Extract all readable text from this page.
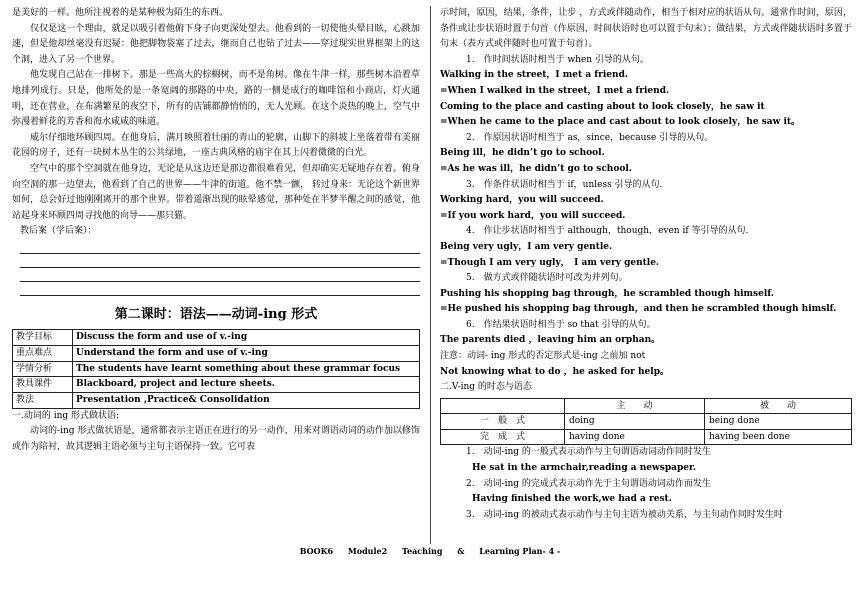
是美好的一样。他所注视着的是某种极为陌生的东西。

仅仅是这一个理由，就足以吸引着他俯下身子向更深处望去。他看到的一切使他头晕目眩，心跳加速，但是他却丝毫没有迟疑：他把脚物袋塞了过去，继而自己也钻了过去——穿过现实世界框架上的这个洞，进入了另一个世界。

他发现自己站在一排树下。那是一些高大的棕榈树，而不是角树。像在牛津一样，那些树木沿着草地排列成行。只是，他所处的是一条宽阔的那路的中央，路的一侧是成行的咖啡馆和小商店，灯火通明，还在营业，在布满繁星的夜空下，所有的店铺都静悄悄的，无人光顾。在这个炎热的晚上，空气中弥漫着鲜花的芳香和海水咸咸的味道。

威尔仔细地环顾四周。在他身后，满月映照着壮丽的青山的轮廓，山脚下的斜坡上坐落着带有美丽花园的房子，还有一块树木丛生的公共绿地，一座古典风格的庙宇在其上闪着微微的白光。

空气中的那个空洞就在他身边，无论是从这边还是那边都很难看见，但却确实无疑地存在着。俯身向空洞的那一边望去，他看到了自己的世界——牛津的街道。他不禁一颤， 转过身来：无论这个新世界如何，总会好过他刚刚离开的那个世界。带着遥渐出现的眩晕感觉，那种处在半梦半醒之间的感觉，他站起身来环顾四周寻找他的向导——那只猫。

教后案（学后案）：

第二课时：语法——动词-ing 形式
教学目标	Discuss the form and use of v.-ing
重点难点	Understand the form and use of v.-ing
学情分析	The students have learnt something about these grammar focus
教具课件	Blackboard, project and lecture sheets.
教法	Presentation ,Practice& Consolidation

一.动词的 ing 形式做状语:

动词的-ing 形式做状语是，通常都表示主语正在进行的另一动作，用来对谓语动词的动作加以修饰或作为陪衬，故其逻辑主语必须与主句主语保持一致。它可表

示时间，原因，结果，条件，让步 ，方式或伴随动作，相当于相对应的状语从句。通常作时间，原因，条件或让步状语时置于句首（作原因，时间状语时也可以置于句末）；做结果，方式或伴随状语时多置于句末（表方式或伴随时也可置于句首）。

1.　作时间状语时相当于 when 引导的从句。

Walking in the street，I met a friend.

=When I walked in the street，I met a friend.

Coming to the place and casting about to look closely，he saw it

=When he came to the place and cast about to look closely，he saw it。

2.　作原因状语时相当于 as，since，because 引导的从句。

Being ill，he didn’t go to school.

=As he was ill，he didn’t go to school.

3.　作条件状语时相当于 if，unless 引导的从句.

Working hard，you will succeed.

=If you work hard，you will succeed.

4.　作让步状语时相当于 although，though，even if 等引导的从句.

Being very ugly，I am very gentle.

=Though I am very ugly，　I am very gentle.

5.　做方式或伴随状语时可改为并列句。

Pushing his shopping bag through，he scrambled though himself.

=He pushed his shopping bag through，and then he scrambled though himslf.

6.　作结果状语时相当于 so that 引导的从句。

The parents died ，leaving him an orphan。

注意：动词- ing 形式的否定形式是-ing 之前加 not

Not knowing what to do ，he asked for help。

二.V-ing 的时态与语态

	主　　动	被　　动
一　般　式	doing	being done
完　成　式	having done	having been done

1.　动词-ing 的一般式表示动作与主句谓语动词动作同时发生

He sat in the armchair,reading a newspaper.

2.　动词-ing 的完成式表示动作先于主句谓语动词动作而发生

Having finished the work,we had a rest.

3.　动词-ing 的被动式表示动作与主句主语为被动关系，与主句动作同时发生时

BOOK6 Module2 Teaching & Learning Plan- 4 -
